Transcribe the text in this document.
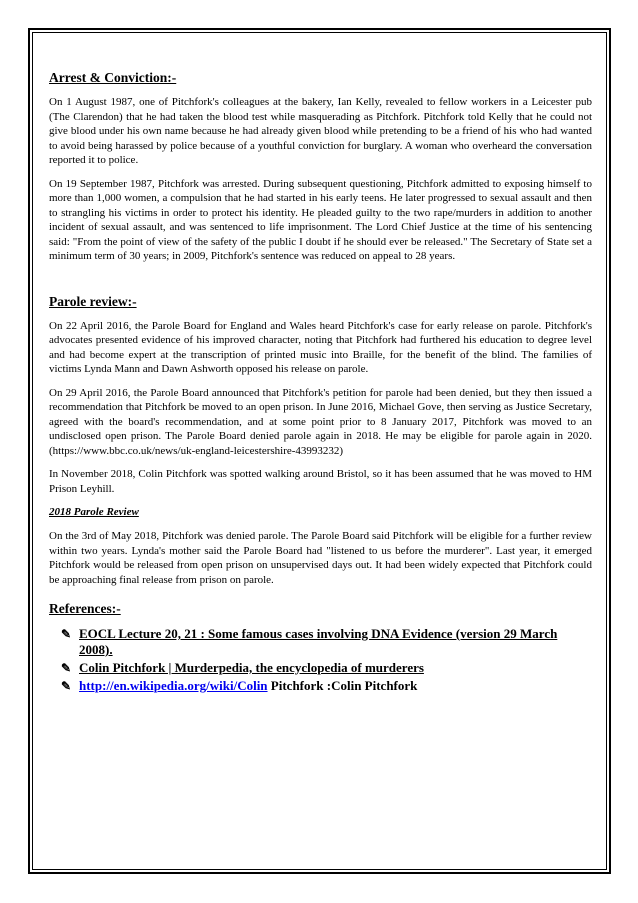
Arrest & Conviction:-

On 1 August 1987, one of Pitchfork's colleagues at the bakery, Ian Kelly, revealed to fellow workers in a Leicester pub (The Clarendon) that he had taken the blood test while masquerading as Pitchfork. Pitchfork told Kelly that he could not give blood under his own name because he had already given blood while pretending to be a friend of his who had wanted to avoid being harassed by police because of a youthful conviction for burglary. A woman who overheard the conversation reported it to police.

On 19 September 1987, Pitchfork was arrested. During subsequent questioning, Pitchfork admitted to exposing himself to more than 1,000 women, a compulsion that he had started in his early teens. He later progressed to sexual assault and then to strangling his victims in order to protect his identity. He pleaded guilty to the two rape/murders in addition to another incident of sexual assault, and was sentenced to life imprisonment. The Lord Chief Justice at the time of his sentencing said: "From the point of view of the safety of the public I doubt if he should ever be released." The Secretary of State set a minimum term of 30 years; in 2009, Pitchfork's sentence was reduced on appeal to 28 years.

Parole review:-

On 22 April 2016, the Parole Board for England and Wales heard Pitchfork's case for early release on parole. Pitchfork's advocates presented evidence of his improved character, noting that Pitchfork had furthered his education to degree level and had become expert at the transcription of printed music into Braille, for the benefit of the blind. The families of victims Lynda Mann and Dawn Ashworth opposed his release on parole.

On 29 April 2016, the Parole Board announced that Pitchfork's petition for parole had been denied, but they then issued a recommendation that Pitchfork be moved to an open prison. In June 2016, Michael Gove, then serving as Justice Secretary, agreed with the board's recommendation, and at some point prior to 8 January 2017, Pitchfork was moved to an undisclosed open prison. The Parole Board denied parole again in 2018. He may be eligible for parole again in 2020. (https://www.bbc.co.uk/news/uk-england-leicestershire-43993232)

In November 2018, Colin Pitchfork was spotted walking around Bristol, so it has been assumed that he was moved to HM Prison Leyhill.

2018 Parole Review

On the 3rd of May 2018, Pitchfork was denied parole. The Parole Board said Pitchfork will be eligible for a further review within two years. Lynda's mother said the Parole Board had "listened to us before the murderer". Last year, it emerged Pitchfork would be released from open prison on unsupervised days out. It had been widely expected that Pitchfork could be approaching final release from prison on parole.

References:-
✎ EOCL Lecture 20, 21 : Some famous cases involving DNA Evidence (version 29 March 2008).
✎ Colin Pitchfork | Murderpedia, the encyclopedia of murderers
✎ http://en.wikipedia.org/wiki/Colin Pitchfork :Colin Pitchfork
